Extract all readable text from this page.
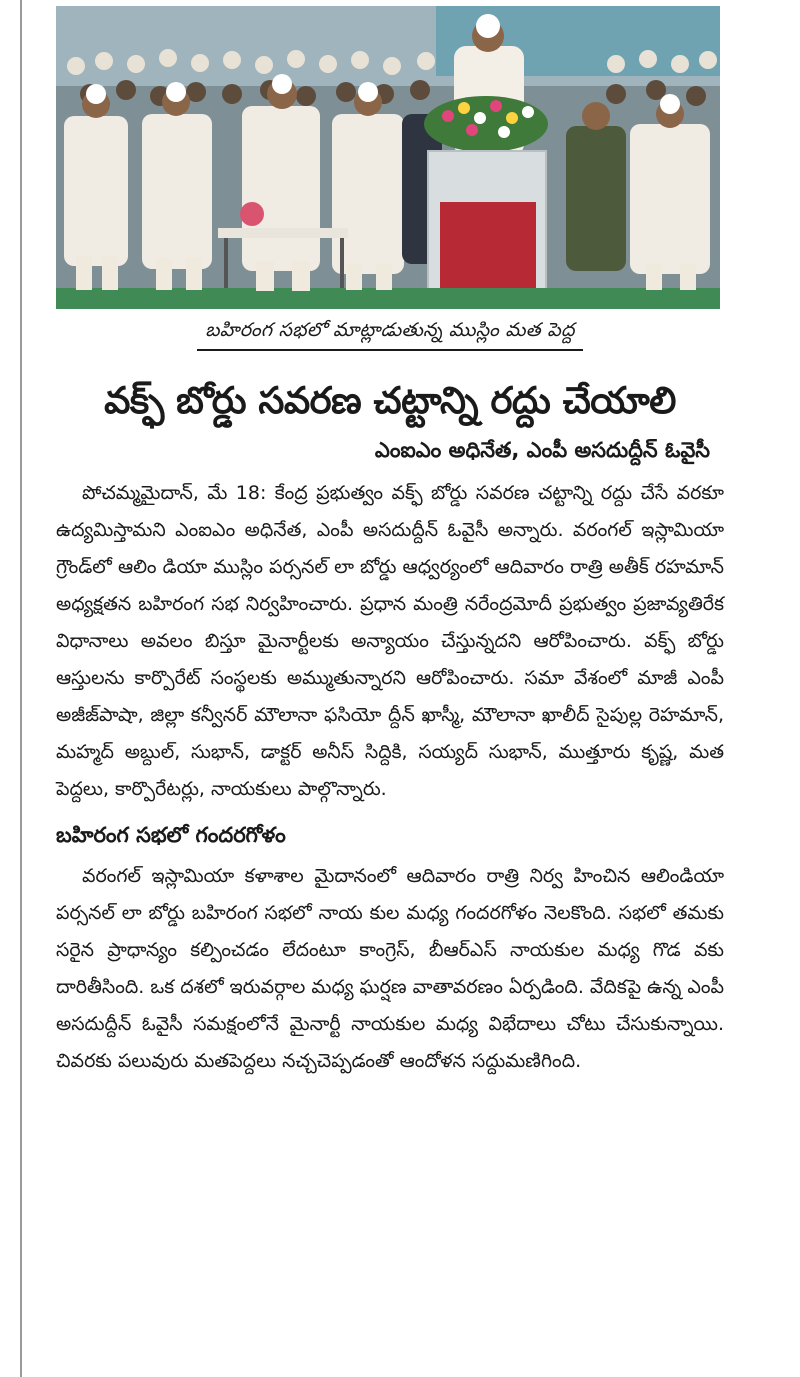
బహిరంగ సభలో మాట్లాడుతున్న ముస్లిం మత పెద్ద
వక్ఫ్ బోర్డు సవరణ చట్టాన్ని రద్దు చేయాలి
ఎంఐఎం అధినేత, ఎంపీ అసదుద్దీన్ ఓవైసీ

పోచమ్మమైదాన్, మే 18: కేంద్ర ప్రభుత్వం వక్ఫ్ బోర్డు సవరణ చట్టాన్ని రద్దు చేసే వరకూ ఉద్యమిస్తామని ఎంఐఎం అధినేత, ఎంపీ అసదుద్దీన్ ఓవైసీ అన్నారు. వరంగల్ ఇస్లామియా గ్రౌండ్‌లో ఆలిం డియా ముస్లిం పర్సనల్ లా బోర్డు ఆధ్వర్యంలో ఆదివారం రాత్రి అతీక్ రహమాన్ అధ్యక్షతన బహిరంగ సభ నిర్వహించారు. ప్రధాన మంత్రి నరేంద్రమోదీ ప్రభుత్వం ప్రజావ్యతిరేక విధానాలు అవలం బిస్తూ మైనార్టీలకు అన్యాయం చేస్తున్నదని ఆరోపించారు. వక్ఫ్ బోర్డు ఆస్తులను కార్పొరేట్ సంస్థలకు అమ్ముతున్నారని ఆరోపించారు. సమా వేశంలో మాజీ ఎంపీ అజీజ్‌పాషా, జిల్లా కన్వీనర్ మౌలానా ఫసియో ద్దీన్ ఖాస్మీ, మౌలానా ఖాలీద్ సైపుల్ల రెహమాన్, మహ్మద్ అబ్దుల్, సుభాన్, డాక్టర్ అనీస్ సిద్దికి, సయ్యద్ సుభాన్, ముత్తూరు కృష్ణ, మత పెద్దలు, కార్పొరేటర్లు, నాయకులు పాల్గొన్నారు.

బహిరంగ సభలో గందరగోళం

వరంగల్ ఇస్లామియా కళాశాల మైదానంలో ఆదివారం రాత్రి నిర్వ హించిన ఆలిండియా పర్సనల్ లా బోర్డు బహిరంగ సభలో నాయ కుల మధ్య గందరగోళం నెలకొంది. సభలో తమకు సరైన ప్రాధాన్యం కల్పించడం లేదంటూ కాంగ్రెస్, బీఆర్ఎస్ నాయకుల మధ్య గొడ వకు దారితీసింది. ఒక దశలో ఇరువర్గాల మధ్య ఘర్షణ వాతావరణం ఏర్పడింది. వేదికపై ఉన్న ఎంపీ అసదుద్దీన్ ఓవైసీ సమక్షంలోనే మైనార్టీ నాయకుల మధ్య విభేదాలు చోటు చేసుకున్నాయి. చివరకు పలువురు మతపెద్దలు నచ్చచెప్పడంతో ఆందోళన సద్దుమణిగింది.
